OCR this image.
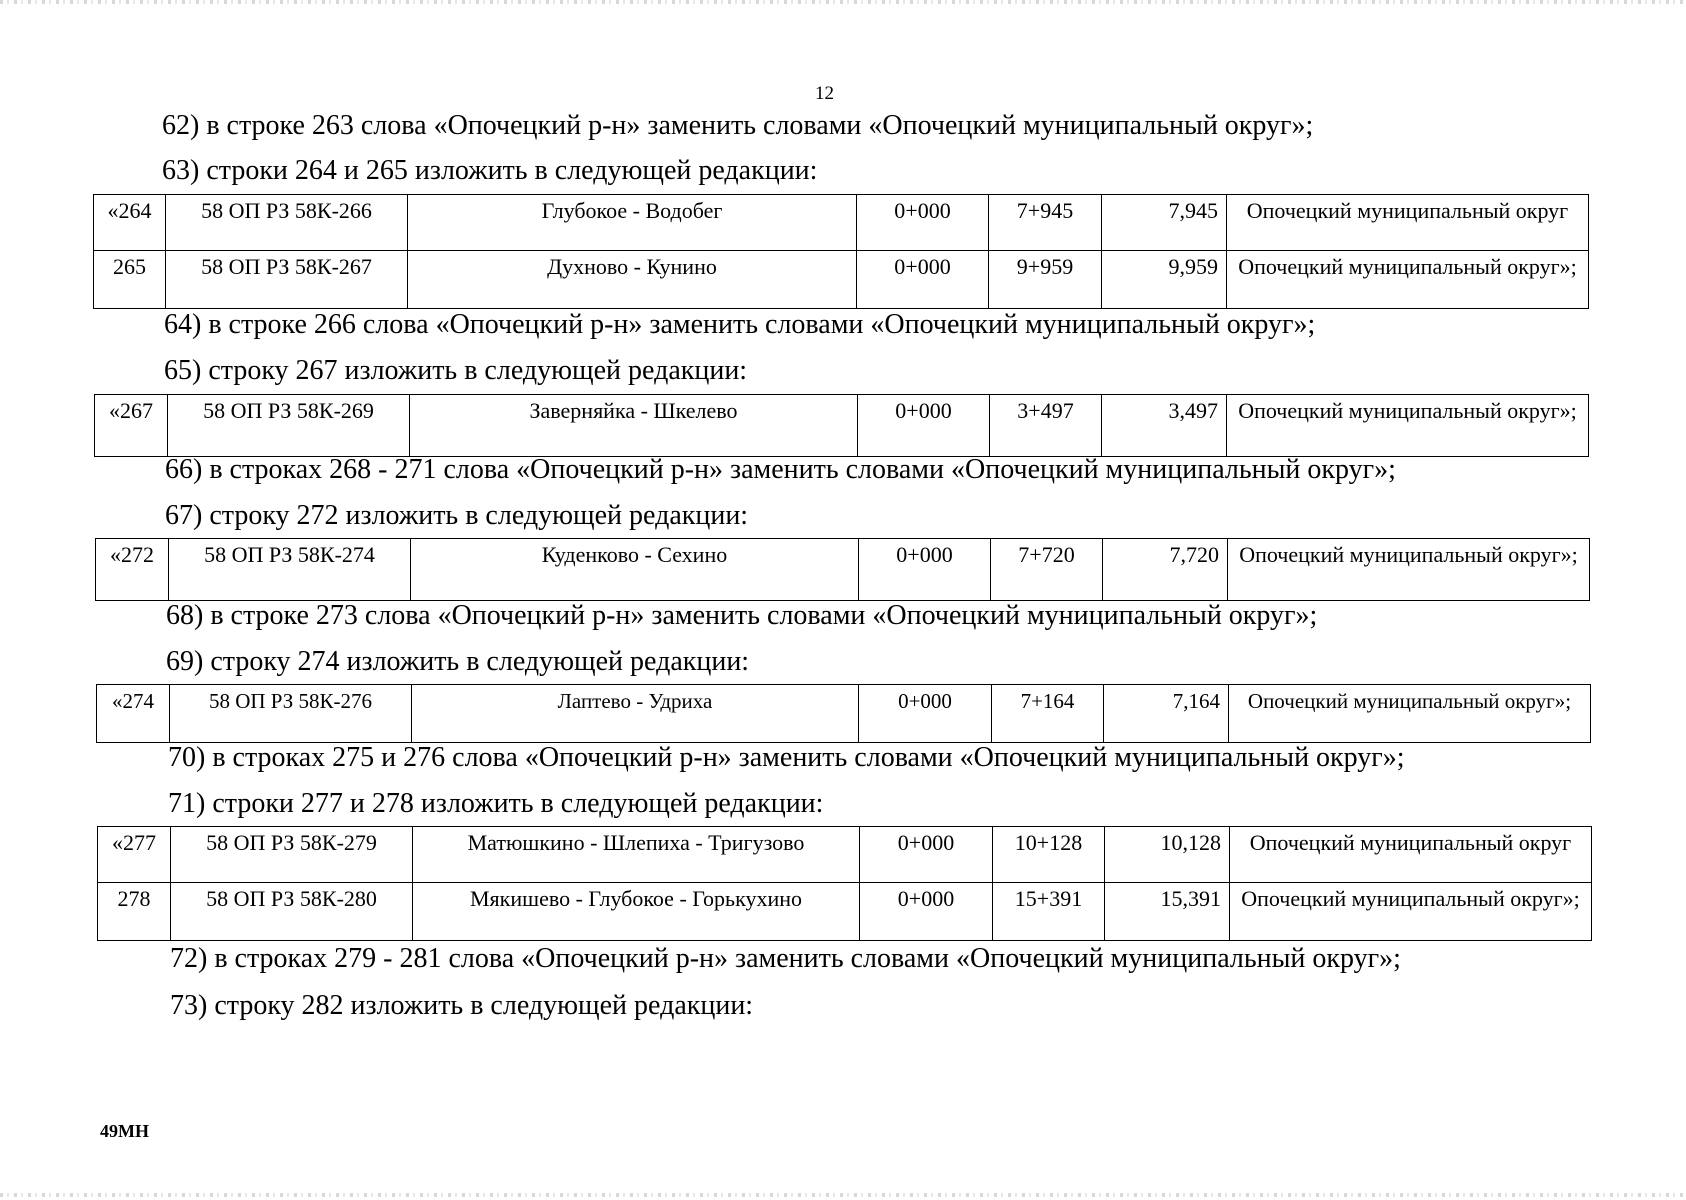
12
62) в строке 263 слова «Опочецкий р-н» заменить словами «Опочецкий муниципальный округ»;
63) строки 264 и 265 изложить в следующей редакции:
«264	58 ОП РЗ 58К-266	Глубокое - Водобег	0+000	7+945	7,945	Опочецкий муниципальный округ
265	58 ОП РЗ 58К-267	Духново - Кунино	0+000	9+959	9,959	Опочецкий муниципальный округ»;
64) в строке 266 слова «Опочецкий р-н» заменить словами «Опочецкий муниципальный округ»;
65) строку 267 изложить в следующей редакции:
«267	58 ОП РЗ 58К-269	Заверняйка - Шкелево	0+000	3+497	3,497	Опочецкий муниципальный округ»;
66) в строках 268 - 271 слова «Опочецкий р-н» заменить словами «Опочецкий муниципальный округ»;
67) строку 272 изложить в следующей редакции:
«272	58 ОП РЗ 58К-274	Куденково - Сехино	0+000	7+720	7,720	Опочецкий муниципальный округ»;
68) в строке 273 слова «Опочецкий р-н» заменить словами «Опочецкий муниципальный округ»;
69) строку 274 изложить в следующей редакции:
«274	58 ОП РЗ 58К-276	Лаптево - Удриха	0+000	7+164	7,164	Опочецкий муниципальный округ»;
70) в строках 275 и 276 слова «Опочецкий р-н» заменить словами «Опочецкий муниципальный округ»;
71) строки 277 и 278 изложить в следующей редакции:
«277	58 ОП РЗ 58К-279	Матюшкино - Шлепиха - Тригузово	0+000	10+128	10,128	Опочецкий муниципальный округ
278	58 ОП РЗ 58К-280	Мякишево - Глубокое - Горькухино	0+000	15+391	15,391	Опочецкий муниципальный округ»;
72) в строках 279 - 281 слова «Опочецкий р-н» заменить словами «Опочецкий муниципальный округ»;
73) строку 282 изложить в следующей редакции:
49МН
